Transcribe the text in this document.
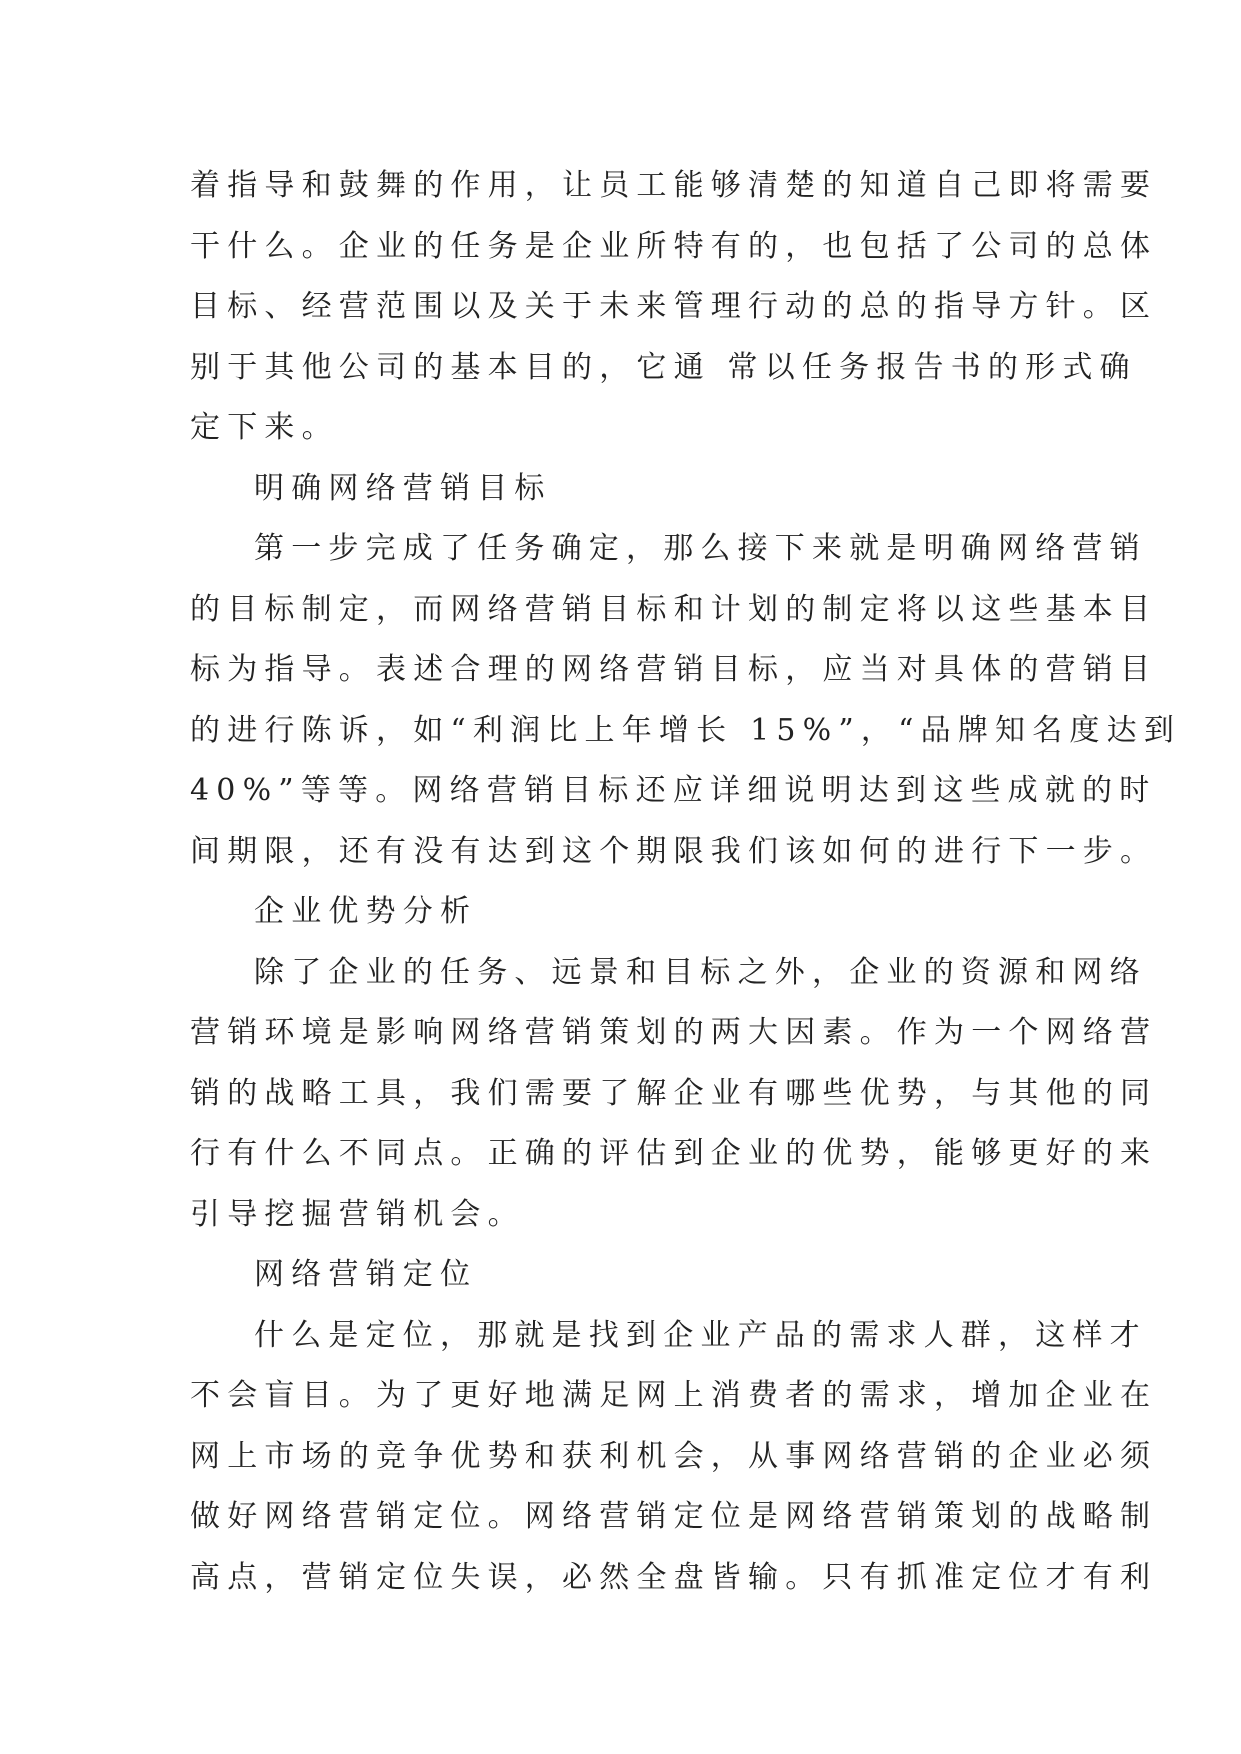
着指导和鼓舞的作用，让员工能够清楚的知道自己即将需要
干什么。企业的任务是企业所特有的，也包括了公司的总体
目标、经营范围以及关于未来管理行动的总的指导方针。区
别于其他公司的基本目的，它通 常以任务报告书的形式确
定下来。
明确网络营销目标
第一步完成了任务确定，那么接下来就是明确网络营销
的目标制定，而网络营销目标和计划的制定将以这些基本目
标为指导。表述合理的网络营销目标，应当对具体的营销目
的进行陈诉，如“利润比上年增长 15%”，“品牌知名度达到
40%”等等。网络营销目标还应详细说明达到这些成就的时
间期限，还有没有达到这个期限我们该如何的进行下一步。
企业优势分析
除了企业的任务、远景和目标之外，企业的资源和网络
营销环境是影响网络营销策划的两大因素。作为一个网络营
销的战略工具，我们需要了解企业有哪些优势，与其他的同
行有什么不同点。正确的评估到企业的优势，能够更好的来
引导挖掘营销机会。
网络营销定位
什么是定位，那就是找到企业产品的需求人群，这样才
不会盲目。为了更好地满足网上消费者的需求，增加企业在
网上市场的竞争优势和获利机会，从事网络营销的企业必须
做好网络营销定位。网络营销定位是网络营销策划的战略制
高点，营销定位失误，必然全盘皆输。只有抓准定位才有利
